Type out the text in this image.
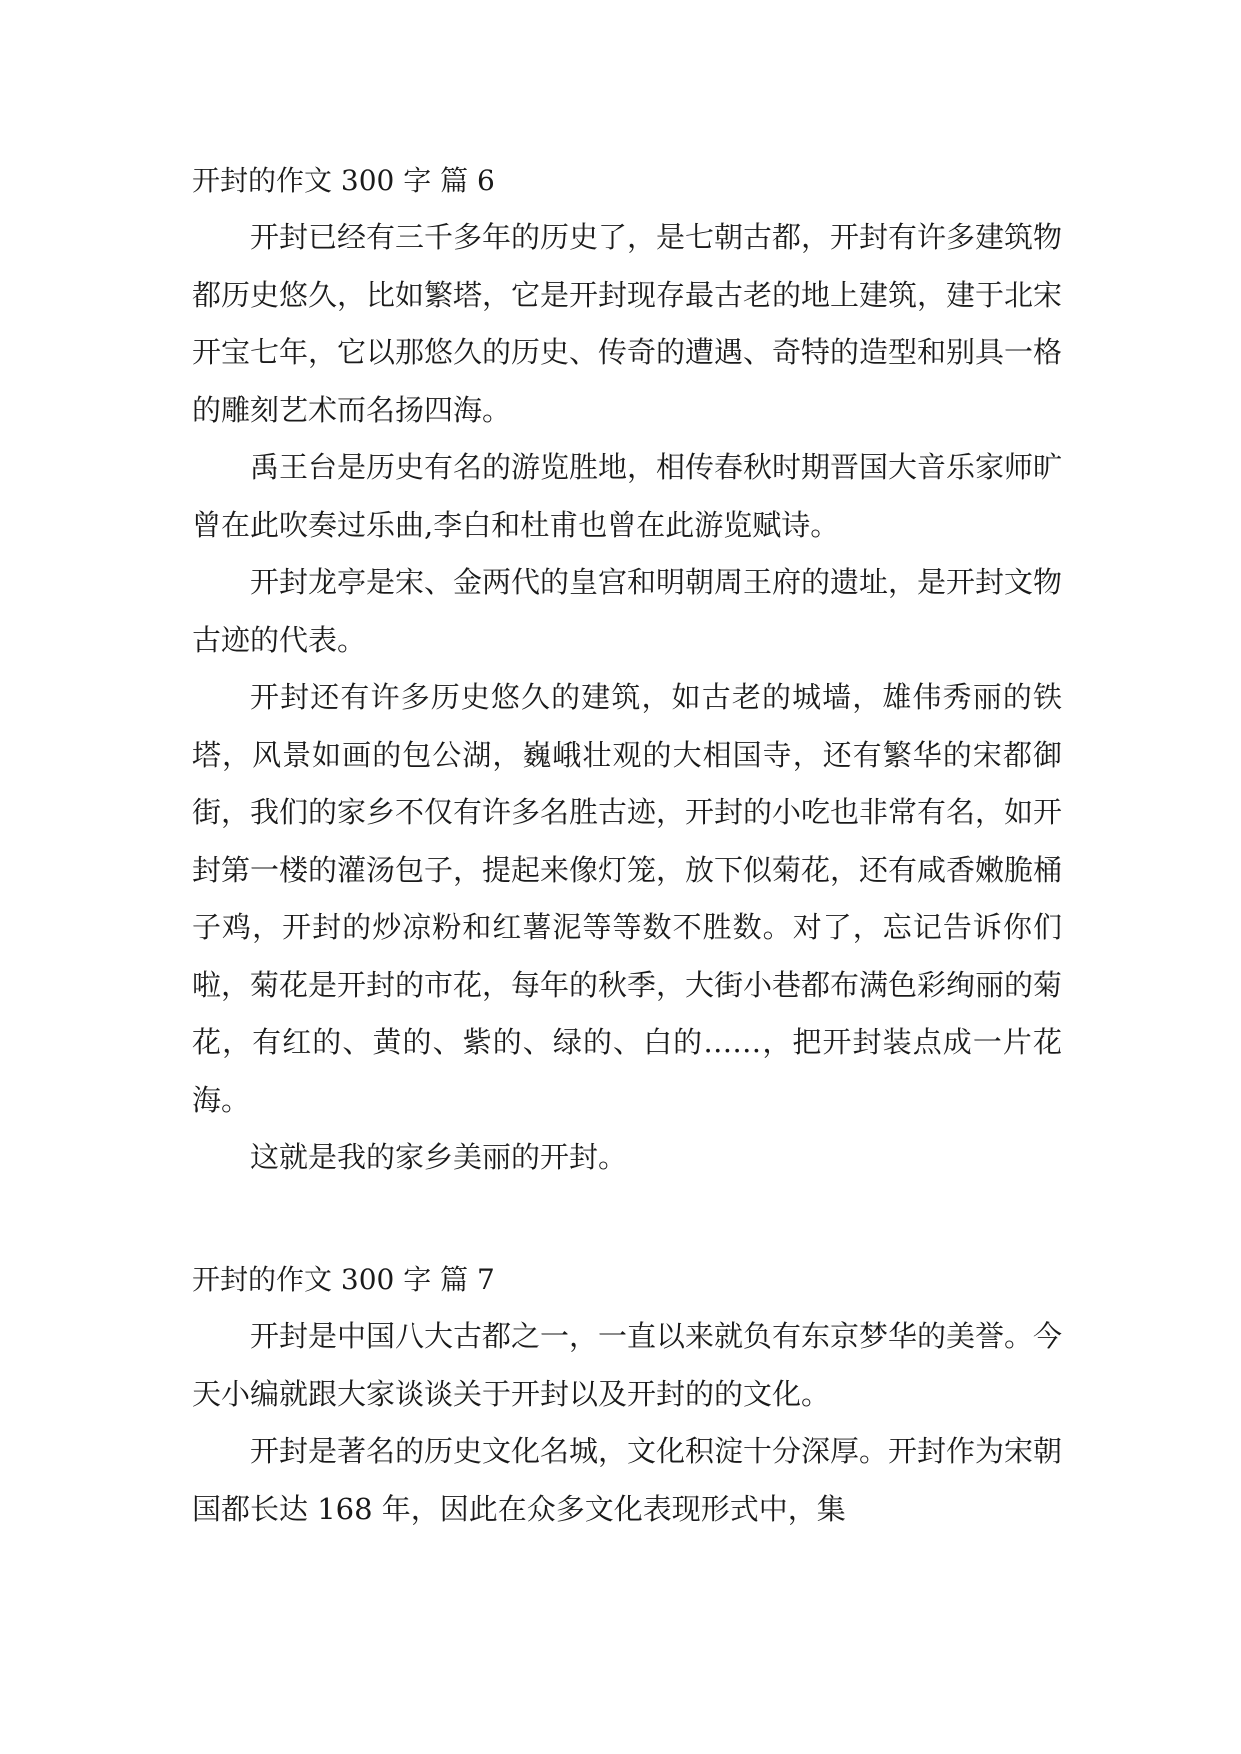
开封的作文 300 字 篇 6

开封已经有三千多年的历史了，是七朝古都，开封有许多建筑物都历史悠久，比如繁塔，它是开封现存最古老的地上建筑，建于北宋开宝七年，它以那悠久的历史、传奇的遭遇、奇特的造型和别具一格的雕刻艺术而名扬四海。

禹王台是历史有名的游览胜地，相传春秋时期晋国大音乐家师旷曾在此吹奏过乐曲,李白和杜甫也曾在此游览赋诗。

开封龙亭是宋、金两代的皇宫和明朝周王府的遗址，是开封文物古迹的代表。

开封还有许多历史悠久的建筑，如古老的城墙，雄伟秀丽的铁塔，风景如画的包公湖，巍峨壮观的大相国寺，还有繁华的宋都御街，我们的家乡不仅有许多名胜古迹，开封的小吃也非常有名，如开封第一楼的灌汤包子，提起来像灯笼，放下似菊花，还有咸香嫩脆桶子鸡，开封的炒凉粉和红薯泥等等数不胜数。对了，忘记告诉你们啦，菊花是开封的市花，每年的秋季，大街小巷都布满色彩绚丽的菊花，有红的、黄的、紫的、绿的、白的……，把开封装点成一片花海。

这就是我的家乡美丽的开封。

开封的作文 300 字 篇 7

开封是中国八大古都之一，一直以来就负有东京梦华的美誉。今天小编就跟大家谈谈关于开封以及开封的的文化。

开封是著名的历史文化名城，文化积淀十分深厚。开封作为宋朝国都长达 168 年，因此在众多文化表现形式中，集
